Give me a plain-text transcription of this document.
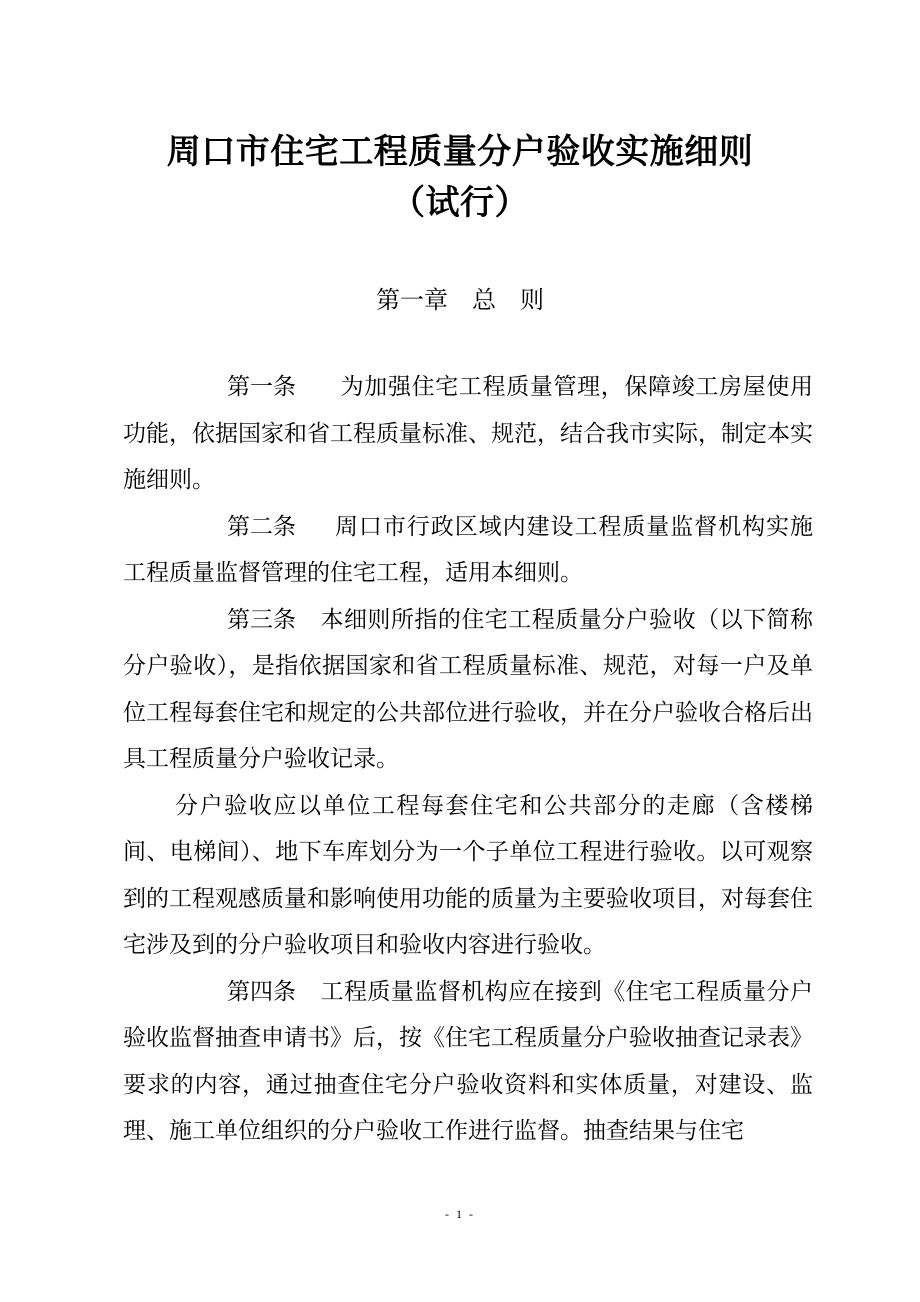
周口市住宅工程质量分户验收实施细则
（试行）
第一章　总　则

第一条 为加强住宅工程质量管理，保障竣工房屋使用功能，依据国家和省工程质量标准、规范，结合我市实际，制定本实施细则。

第二条 周口市行政区域内建设工程质量监督机构实施工程质量监督管理的住宅工程，适用本细则。

第三条 本细则所指的住宅工程质量分户验收（以下简称分户验收），是指依据国家和省工程质量标准、规范，对每一户及单位工程每套住宅和规定的公共部位进行验收，并在分户验收合格后出具工程质量分户验收记录。

分户验收应以单位工程每套住宅和公共部分的走廊（含楼梯间、电梯间）、地下车库划分为一个子单位工程进行验收。以可观察到的工程观感质量和影响使用功能的质量为主要验收项目，对每套住宅涉及到的分户验收项目和验收内容进行验收。

第四条 工程质量监督机构应在接到《住宅工程质量分户验收监督抽查申请书》后，按《住宅工程质量分户验收抽查记录表》要求的内容，通过抽查住宅分户验收资料和实体质量，对建设、监理、施工单位组织的分户验收工作进行监督。抽查结果与住宅

- 1 -
